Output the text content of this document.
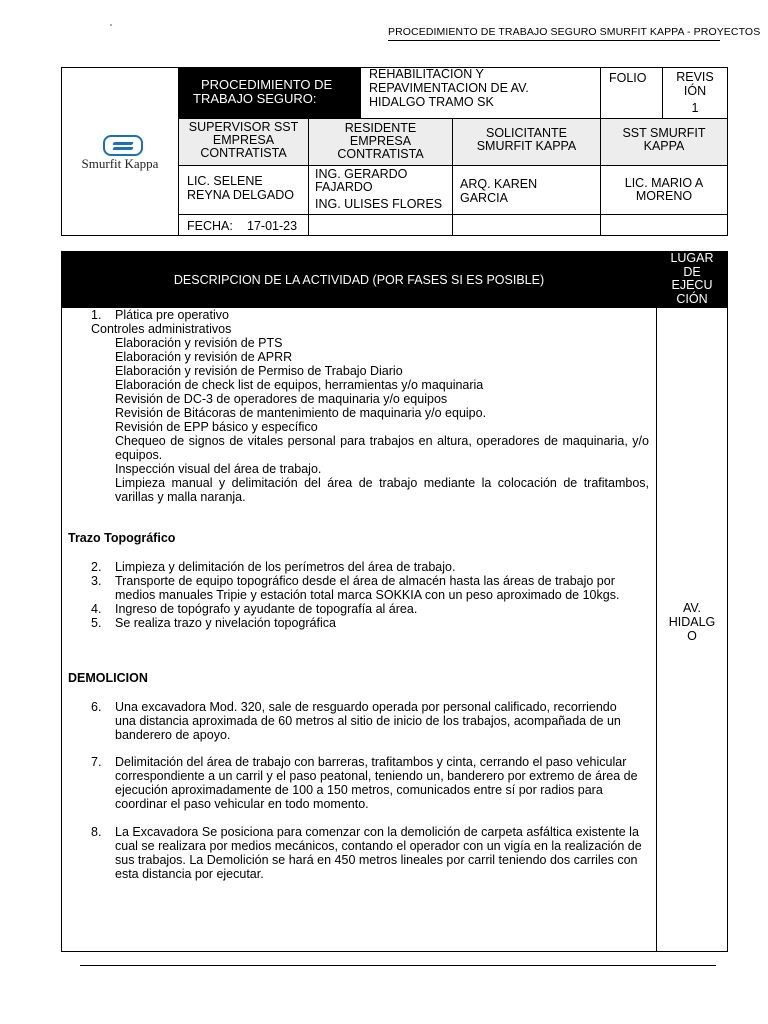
PROCEDIMIENTO DE TRABAJO SEGURO SMURFIT KAPPA - PROYECTOS
Smurfit Kappa
PROCEDIMIENTO DE
TRABAJO SEGURO:
REHABILITACION Y
REPAVIMENTACION DE AV.
HIDALGO TRAMO SK
FOLIO	REVIS
IÓN
1
SUPERVISOR SST
EMPRESA
CONTRATISTA
RESIDENTE
EMPRESA
CONTRATISTA
SOLICITANTE
SMURFIT KAPPA
SST SMURFIT
KAPPA
LIC. SELENE
REYNA DELGADO
ING. GERARDO
FAJARDO
ING. ULISES FLORES
ARQ. KAREN
GARCIA
LIC. MARIO A
MORENO
FECHA: 17-01-23
DESCRIPCION DE LA ACTIVIDAD (POR FASES SI ES POSIBLE)
LUGAR
DE
EJECU
CIÓN
1. Plática pre operativo
Controles administrativos
Elaboración y revisión de PTS
Elaboración y revisión de APRR
Elaboración y revisión de Permiso de Trabajo Diario
Elaboración de check list de equipos, herramientas y/o maquinaria
Revisión de DC-3 de operadores de maquinaria y/o equipos
Revisión de Bitácoras de mantenimiento de maquinaria y/o equipo.
Revisión de EPP básico y específico
Chequeo de signos de vitales personal para trabajos en altura, operadores de maquinaria, y/o equipos.
Inspección visual del área de trabajo.
Limpieza manual y delimitación del área de trabajo mediante la colocación de trafitambos, varillas y malla naranja.
Trazo Topográfico
2. Limpieza y delimitación de los perímetros del área de trabajo.
3. Transporte de equipo topográfico desde el área de almacén hasta las áreas de trabajo por medios manuales Tripie y estación total marca SOKKIA con un peso aproximado de 10kgs.
4. Ingreso de topógrafo y ayudante de topografía al área.
5. Se realiza trazo y nivelación topográfica
DEMOLICION
6. Una excavadora Mod. 320, sale de resguardo operada por personal calificado, recorriendo una distancia aproximada de 60 metros al sitio de inicio de los trabajos, acompañada de un banderero de apoyo.
7. Delimitación del área de trabajo con barreras, trafitambos y cinta, cerrando el paso vehicular correspondiente a un carril y el paso peatonal, teniendo un, banderero por extremo de área de ejecución aproximadamente de 100 a 150 metros, comunicados entre sí por radios para coordinar el paso vehicular en todo momento.
8. La Excavadora Se posiciona para comenzar con la demolición de carpeta asfáltica existente la cual se realizara por medios mecánicos, contando el operador con un vigía en la realización de sus trabajos. La Demolición se hará en 450 metros lineales por carril teniendo dos carriles con esta distancia por ejecutar.
AV.
HIDALG
O
